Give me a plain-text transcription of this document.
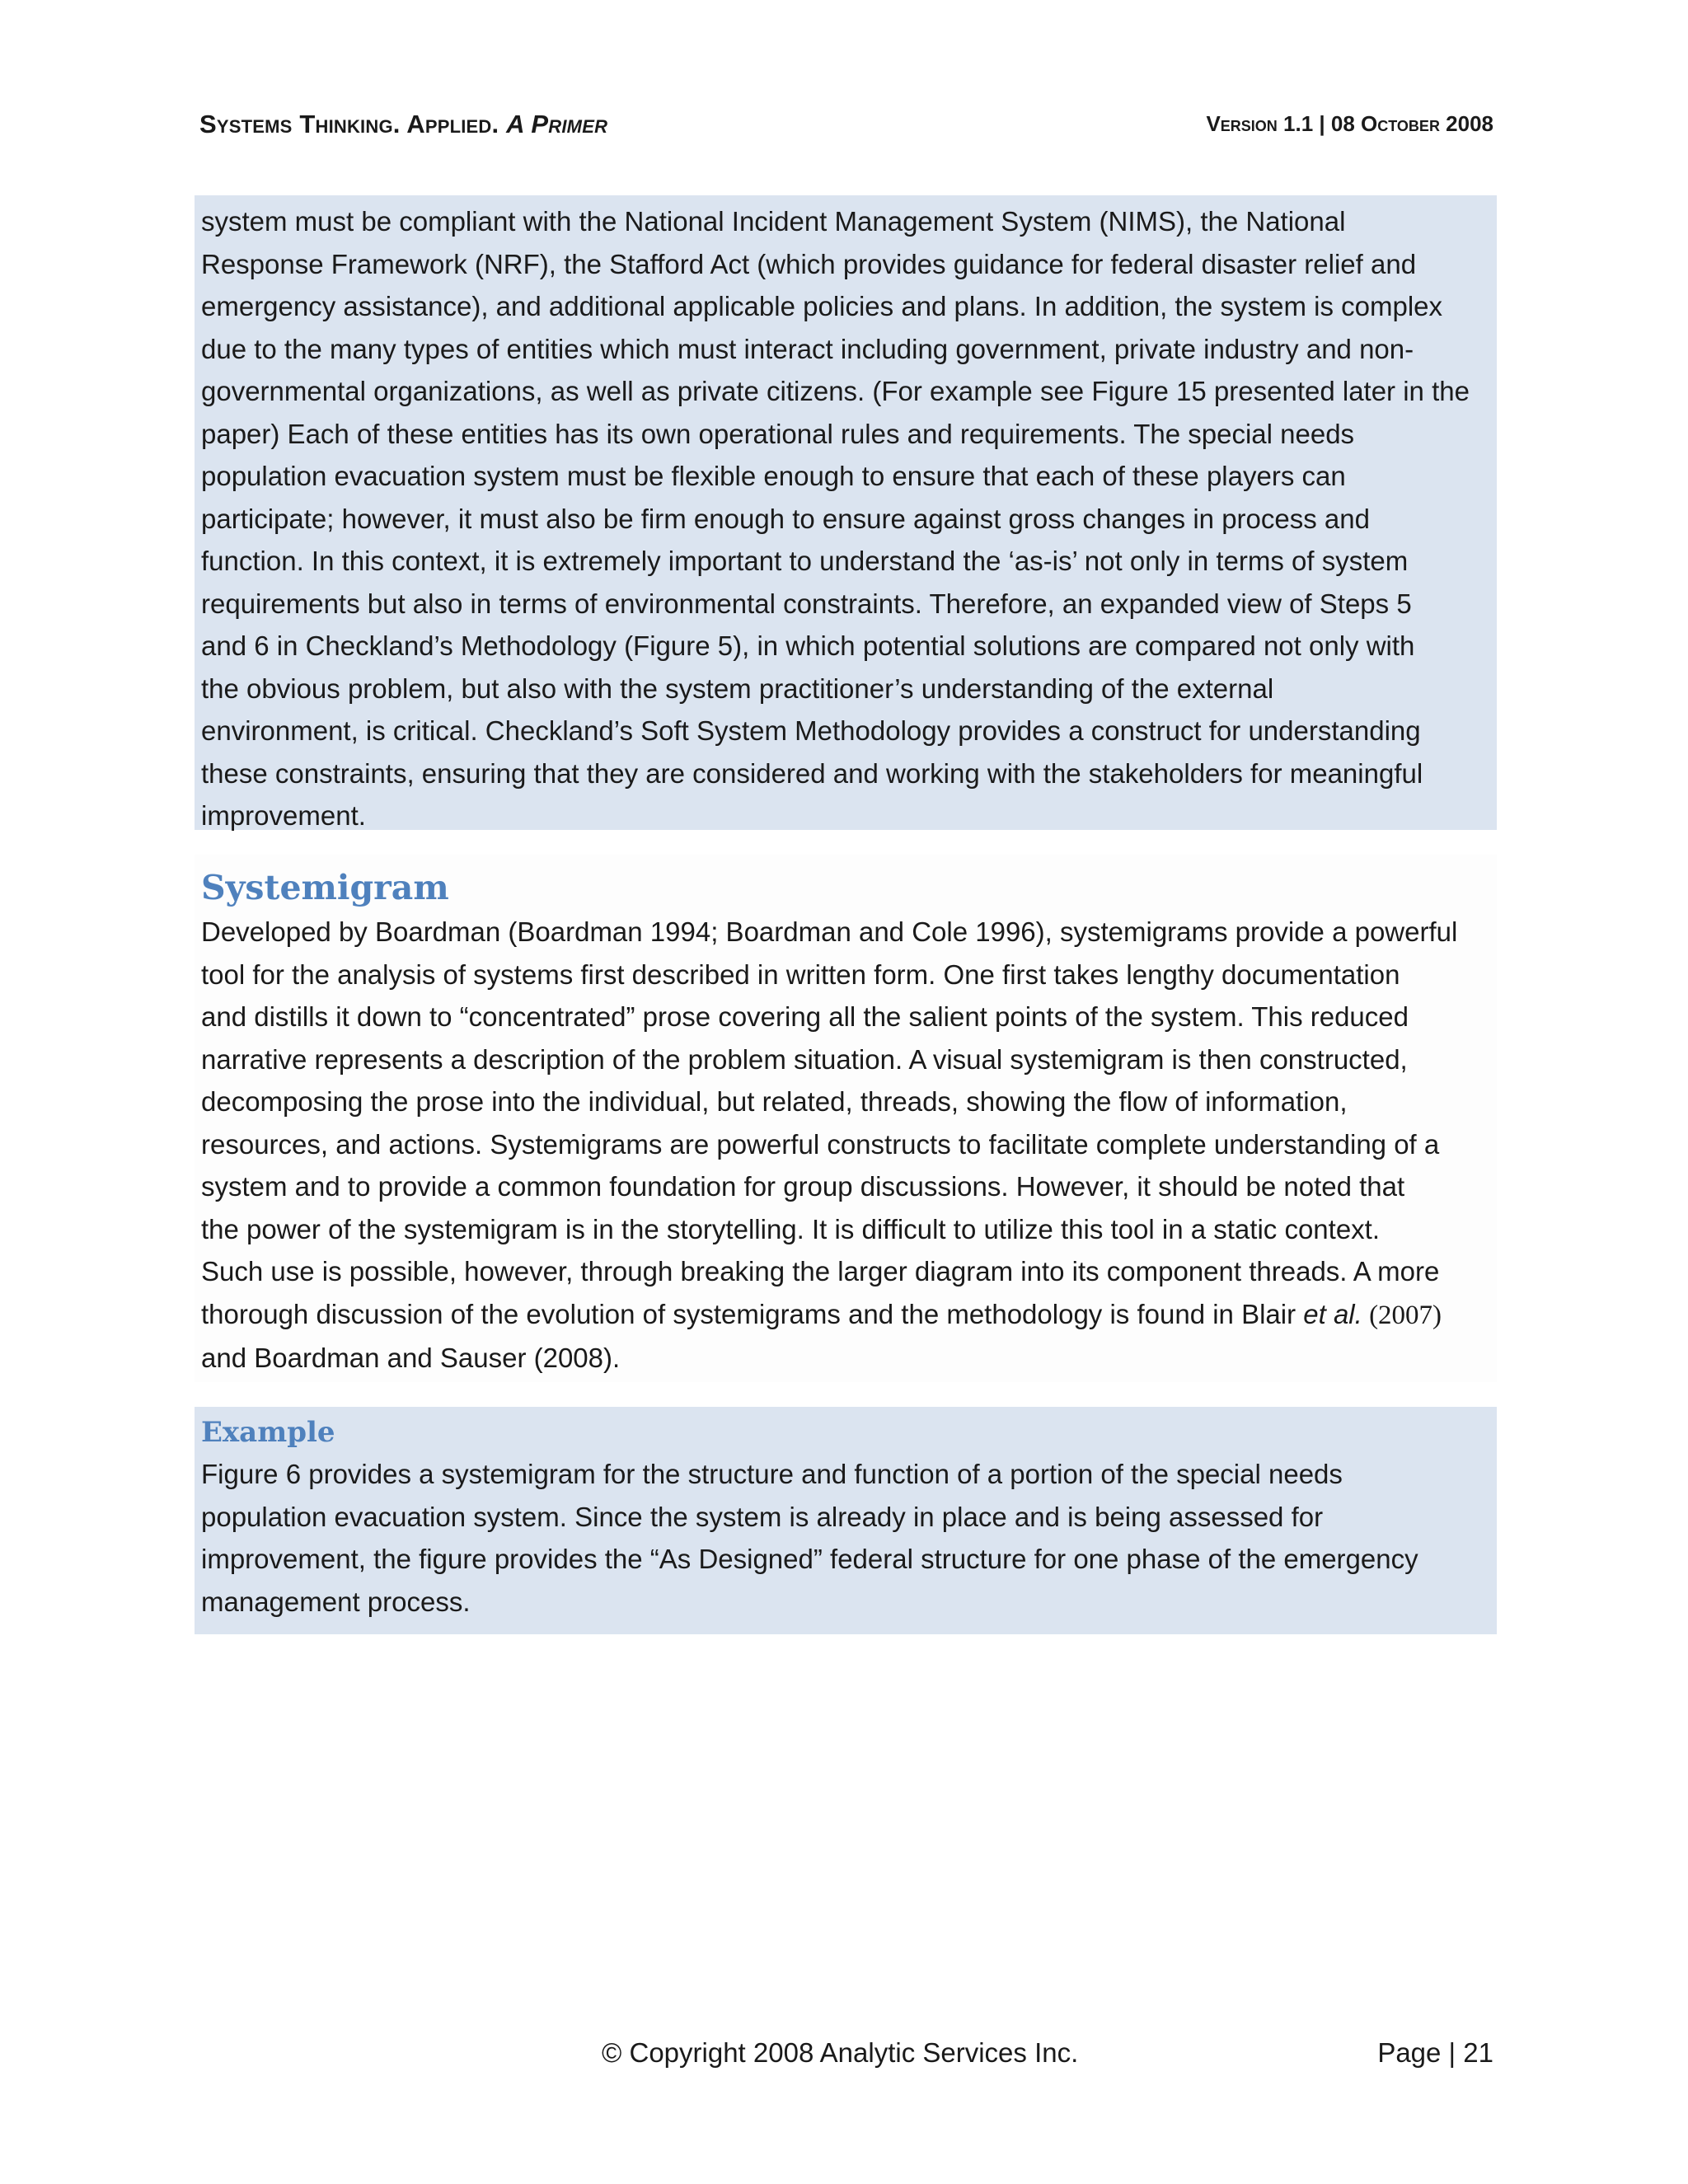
Systems Thinking. Applied. A Primer	Version 1.1 | 08 October 2008

system must be compliant with the National Incident Management System (NIMS), the National
Response Framework (NRF), the Stafford Act (which provides guidance for federal disaster relief and
emergency assistance), and additional applicable policies and plans. In addition, the system is complex
due to the many types of entities which must interact including government, private industry and non-
governmental organizations, as well as private citizens. (For example see Figure 15 presented later in the
paper) Each of these entities has its own operational rules and requirements. The special needs
population evacuation system must be flexible enough to ensure that each of these players can
participate; however, it must also be firm enough to ensure against gross changes in process and
function. In this context, it is extremely important to understand the ‘as-is’ not only in terms of system
requirements but also in terms of environmental constraints. Therefore, an expanded view of Steps 5
and 6 in Checkland’s Methodology (Figure 5), in which potential solutions are compared not only with
the obvious problem, but also with the system practitioner’s understanding of the external
environment, is critical. Checkland’s Soft System Methodology provides a construct for understanding
these constraints, ensuring that they are considered and working with the stakeholders for meaningful
improvement.

Systemigram

Developed by Boardman (Boardman 1994; Boardman and Cole 1996), systemigrams provide a powerful
tool for the analysis of systems first described in written form. One first takes lengthy documentation
and distills it down to “concentrated” prose covering all the salient points of the system. This reduced
narrative represents a description of the problem situation. A visual systemigram is then constructed,
decomposing the prose into the individual, but related, threads, showing the flow of information,
resources, and actions. Systemigrams are powerful constructs to facilitate complete understanding of a
system and to provide a common foundation for group discussions. However, it should be noted that
the power of the systemigram is in the storytelling. It is difficult to utilize this tool in a static context.
Such use is possible, however, through breaking the larger diagram into its component threads. A more
thorough discussion of the evolution of systemigrams and the methodology is found in Blair et al. (2007)
and Boardman and Sauser (2008).

Example

Figure 6 provides a systemigram for the structure and function of a portion of the special needs
population evacuation system. Since the system is already in place and is being assessed for
improvement, the figure provides the “As Designed” federal structure for one phase of the emergency
management process.

© Copyright 2008 Analytic Services Inc.	Page | 21
